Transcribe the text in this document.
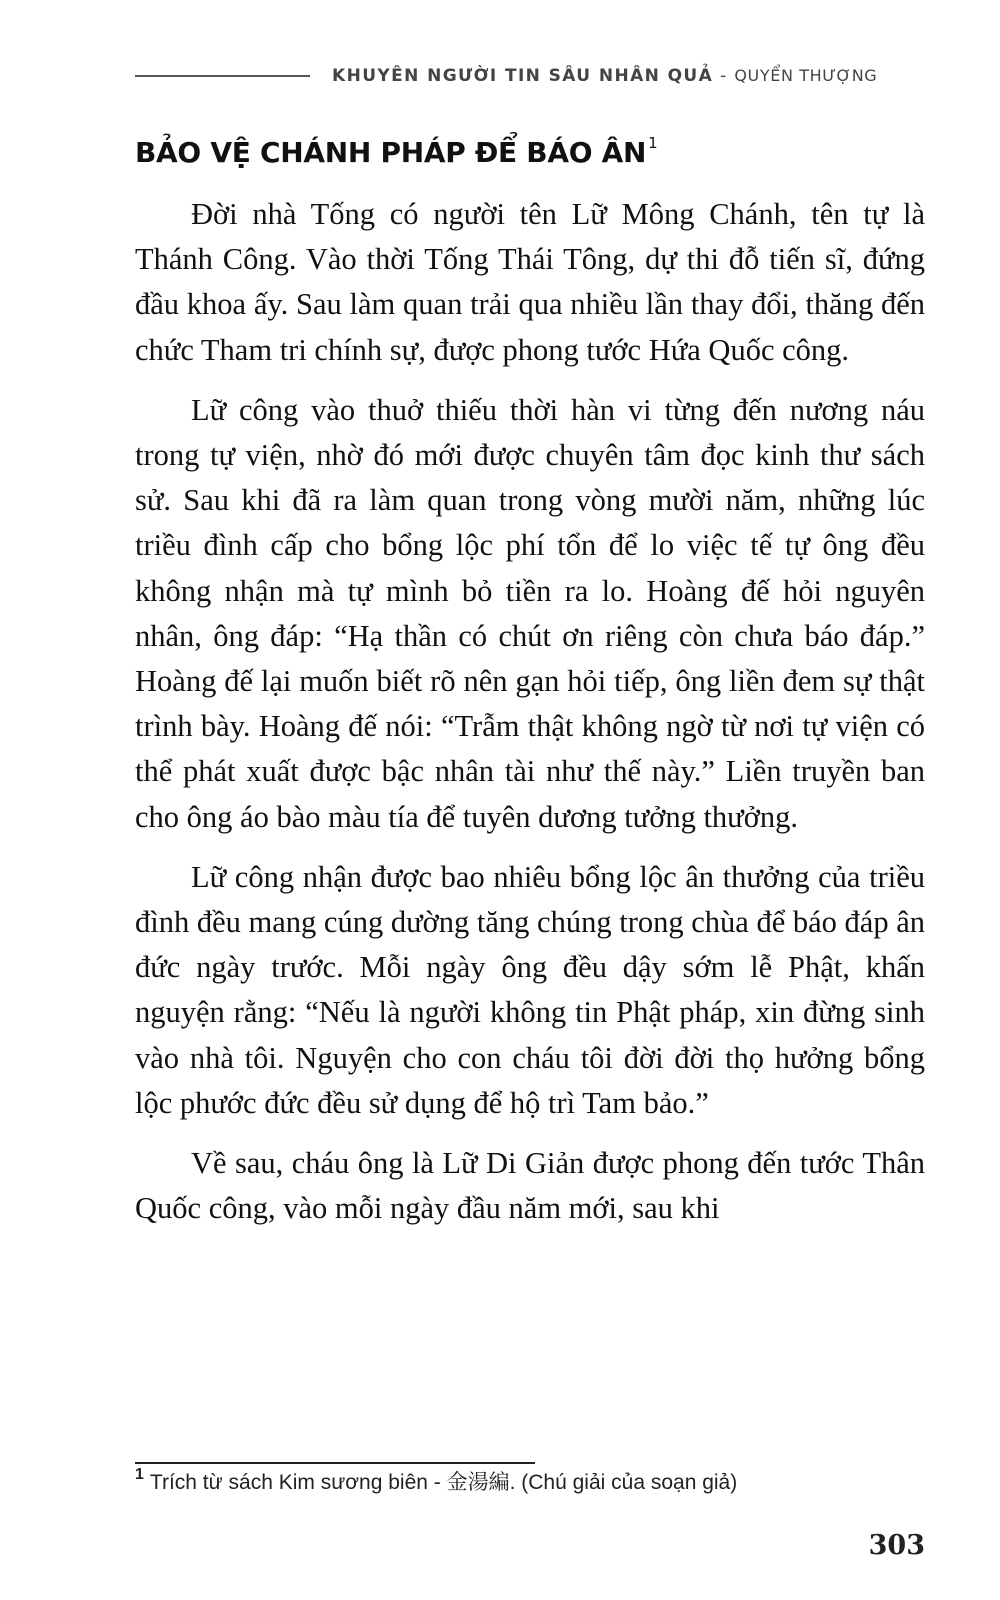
KHUYÊN NGƯỜI TIN SÂU NHÂN QUẢ - QUYỂN THƯỢNG
BẢO VỆ CHÁNH PHÁP ĐỂ BÁO ÂN $^1$

Đời nhà Tống có người tên Lữ Mông Chánh, tên tự là Thánh Công. Vào thời Tống Thái Tông, dự thi đỗ tiến sĩ, đứng đầu khoa ấy. Sau làm quan trải qua nhiều lần thay đổi, thăng đến chức Tham tri chính sự, được phong tước Hứa Quốc công.

Lữ công vào thuở thiếu thời hàn vi từng đến nương náu trong tự viện, nhờ đó mới được chuyên tâm đọc kinh thư sách sử. Sau khi đã ra làm quan trong vòng mười năm, những lúc triều đình cấp cho bổng lộc phí tổn để lo việc tế tự ông đều không nhận mà tự mình bỏ tiền ra lo. Hoàng đế hỏi nguyên nhân, ông đáp: “Hạ thần có chút ơn riêng còn chưa báo đáp.” Hoàng đế lại muốn biết rõ nên gạn hỏi tiếp, ông liền đem sự thật trình bày. Hoàng đế nói: “Trẫm thật không ngờ từ nơi tự viện có thể phát xuất được bậc nhân tài như thế này.” Liền truyền ban cho ông áo bào màu tía để tuyên dương tưởng thưởng.

Lữ công nhận được bao nhiêu bổng lộc ân thưởng của triều đình đều mang cúng dường tăng chúng trong chùa để báo đáp ân đức ngày trước. Mỗi ngày ông đều dậy sớm lễ Phật, khấn nguyện rằng: “Nếu là người không tin Phật pháp, xin đừng sinh vào nhà tôi. Nguyện cho con cháu tôi đời đời thọ hưởng bổng lộc phước đức đều sử dụng để hộ trì Tam bảo.”

Về sau, cháu ông là Lữ Di Giản được phong đến tước Thân Quốc công, vào mỗi ngày đầu năm mới, sau khi

$^1$ Trích từ sách Kim sương biên - 金湯編. (Chú giải của soạn giả)
303
